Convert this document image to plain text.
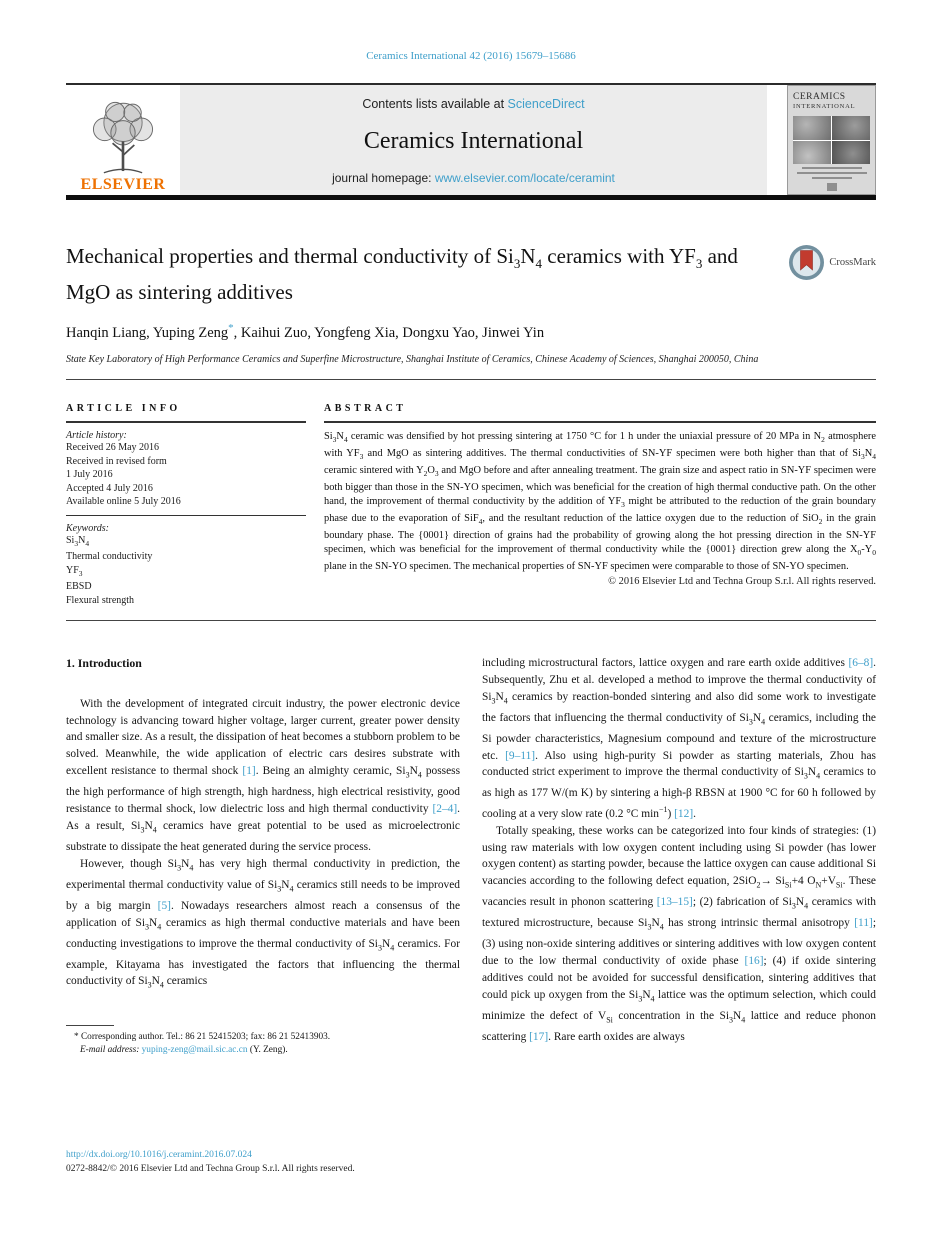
Ceramics International 42 (2016) 15679–15686
ELSEVIER
Contents lists available at ScienceDirect
Ceramics International
journal homepage: www.elsevier.com/locate/ceramint
CERAMICS
INTERNATIONAL
Mechanical properties and thermal conductivity of $Si_3N_4$ ceramics with $YF_3$ and MgO as sintering additives
CrossMark
Hanqin Liang, Yuping Zeng*, Kaihui Zuo, Yongfeng Xia, Dongxu Yao, Jinwei Yin
State Key Laboratory of High Performance Ceramics and Superfine Microstructure, Shanghai Institute of Ceramics, Chinese Academy of Sciences, Shanghai 200050, China
ARTICLE INFO
Article history:
Received 26 May 2016
Received in revised form
1 July 2016
Accepted 4 July 2016
Available online 5 July 2016
Keywords:
$Si_3N_4$
Thermal conductivity
$YF_3$
EBSD
Flexural strength
ABSTRACT

$Si_3N_4$ ceramic was densified by hot pressing sintering at 1750 °C for 1 h under the uniaxial pressure of 20 MPa in $N_2$ atmosphere with $YF_3$ and MgO as sintering additives. The thermal conductivities of SN-YF specimen were both higher than that of $Si_3N_4$ ceramic sintered with $Y_2O_3$ and MgO before and after annealing treatment. The grain size and aspect ratio in SN-YF specimen were both bigger than those in the SN-YO specimen, which was beneficial for the creation of high thermal conductive path. On the other hand, the improvement of thermal conductivity by the addition of $YF_3$ might be attributed to the reduction of the grain boundary phase due to the evaporation of SiF$_4$, and the resultant reduction of the lattice oxygen due to the reduction of SiO$_2$ in the grain boundary phase. The {0001} direction of grains had the probability of growing along the hot pressing direction in the SN-YF specimen, which was beneficial for the improvement of thermal conductivity while the {0001} direction grew along the $X_0-Y_0$ plane in the SN-YO specimen. The mechanical properties of SN-YF specimen were comparable to those of SN-YO specimen.

© 2016 Elsevier Ltd and Techna Group S.r.l. All rights reserved.
1. Introduction

With the development of integrated circuit industry, the power electronic device technology is advancing toward higher voltage, larger current, greater power density and smaller size. As a result, the dissipation of heat becomes a stubborn problem to be solved. Meanwhile, the wide application of electric cars desires substrate with excellent resistance to thermal shock [1]. Being an almighty ceramic, $Si_3N_4$ possess the high performance of high strength, high hardness, high electrical resistivity, good resistance to thermal shock, low dielectric loss and high thermal conductivity [2–4]. As a result, $Si_3N_4$ ceramics have great potential to be used as microelectronic substrate to dissipate the heat generated during the service process.

However, though $Si_3N_4$ has very high thermal conductivity in prediction, the experimental thermal conductivity value of $Si_3N_4$ ceramics still needs to be improved by a big margin [5]. Nowadays researchers almost reach a consensus of the application of $Si_3N_4$ ceramics as high thermal conductive materials and have been conducting investigations to improve the thermal conductivity of $Si_3N_4$ ceramics. For example, Kitayama has investigated the factors that influencing the thermal conductivity of $Si_3N_4$ ceramics

* Corresponding author. Tel.: 86 21 52415203; fax: 86 21 52413903.
E-mail address: yuping-zeng@mail.sic.ac.cn (Y. Zeng).

including microstructural factors, lattice oxygen and rare earth oxide additives [6–8]. Subsequently, Zhu et al. developed a method to improve the thermal conductivity of $Si_3N_4$ ceramics by reaction-bonded sintering and also did some work to investigate the factors that influencing the thermal conductivity of $Si_3N_4$ ceramics, including the Si powder characteristics, Magnesium compound and texture of the microstructure etc. [9–11]. Also using high-purity Si powder as starting materials, Zhou has conducted strict experiment to improve the thermal conductivity of $Si_3N_4$ ceramics to as high as 177 W/(m K) by sintering a high-β RBSN at 1900 °C for 60 h followed by cooling at a very slow rate (0.2 °C $\min^{-1}$) [12].

Totally speaking, these works can be categorized into four kinds of strategies: (1) using raw materials with low oxygen content including using Si powder (has lower oxygen content) as starting powder, because the lattice oxygen can cause additional Si vacancies according to the following defect equation, $2SiO_2\to Si_{Si}+4$ $O_N+V_{Si}$. These vacancies result in phonon scattering [13–15]; (2) fabrication of $Si_3N_4$ ceramics with textured microstructure, because $Si_3N_4$ has strong intrinsic thermal anisotropy [11]; (3) using non-oxide sintering additives or sintering additives with low oxygen content due to the low thermal conductivity of oxide phase [16]; (4) if oxide sintering additives could not be avoided for successful densification, sintering additives that could pick up oxygen from the $Si_3N_4$ lattice was the optimum selection, which could minimize the defect of $V_{Si}$ concentration in the $Si_3N_4$ lattice and reduce phonon scattering [17]. Rare earth oxides are always

http://dx.doi.org/10.1016/j.ceramint.2016.07.024
0272-8842/© 2016 Elsevier Ltd and Techna Group S.r.l. All rights reserved.
